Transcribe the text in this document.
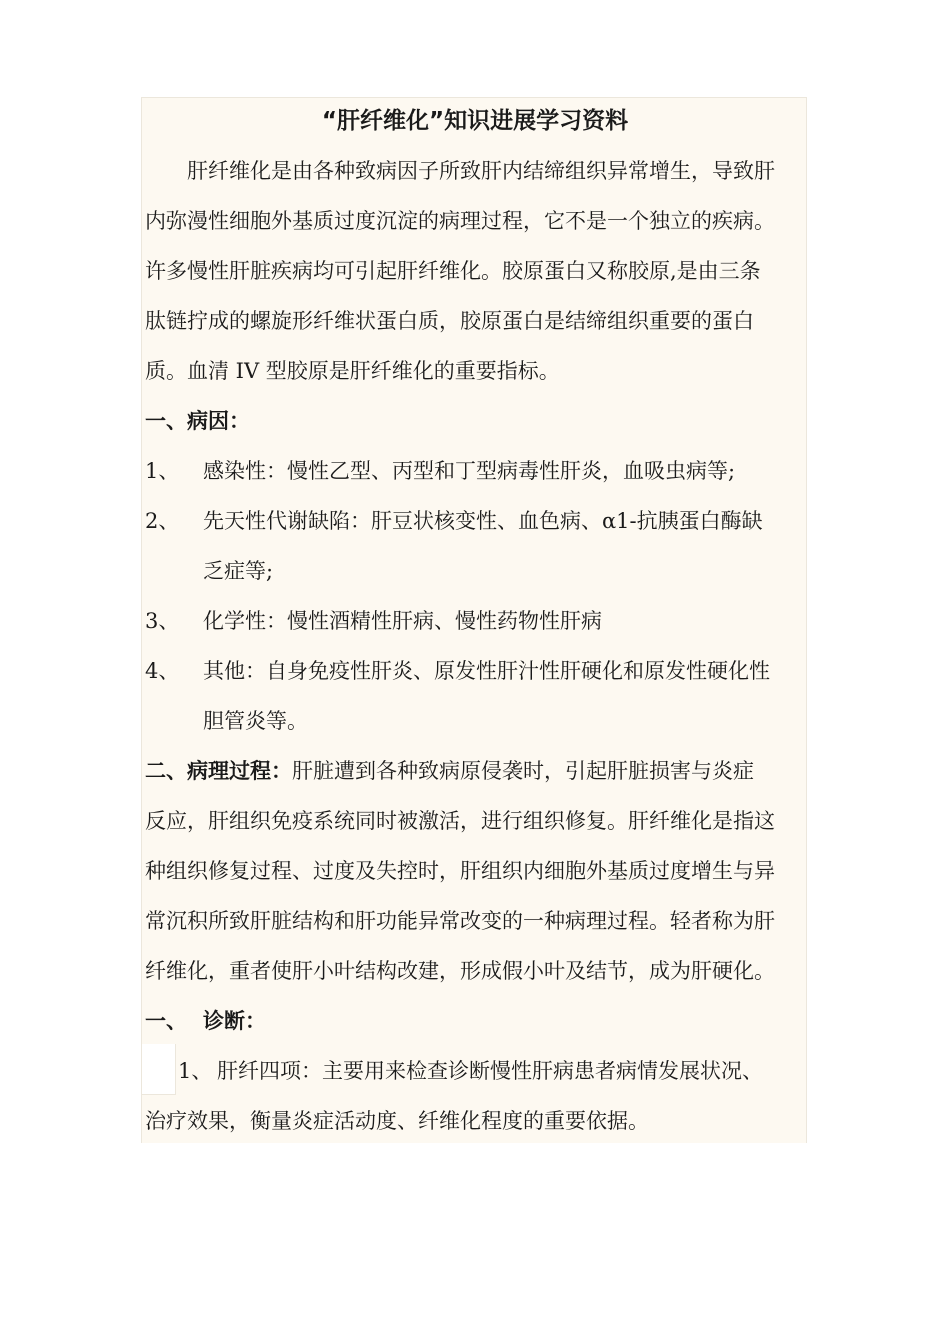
“肝纤维化”知识进展学习资料
　　肝纤维化是由各种致病因子所致肝内结缔组织异常增生，导致肝
内弥漫性细胞外基质过度沉淀的病理过程，它不是一个独立的疾病。
许多慢性肝脏疾病均可引起肝纤维化。胶原蛋白又称胶原,是由三条
肽链拧成的螺旋形纤维状蛋白质，胶原蛋白是结缔组织重要的蛋白
质。血清 IV 型胶原是肝纤维化的重要指标。
一、病因：
1、 感染性：慢性乙型、丙型和丁型病毒性肝炎，血吸虫病等;
2、 先天性代谢缺陷：肝豆状核变性、血色病、α1-抗胰蛋白酶缺
乏症等;
3、 化学性：慢性酒精性肝病、慢性药物性肝病
4、 其他：自身免疫性肝炎、原发性肝汁性肝硬化和原发性硬化性
胆管炎等。
二、病理过程：肝脏遭到各种致病原侵袭时，引起肝脏损害与炎症
反应，肝组织免疫系统同时被激活，进行组织修复。肝纤维化是指这
种组织修复过程、过度及失控时，肝组织内细胞外基质过度增生与异
常沉积所致肝脏结构和肝功能异常改变的一种病理过程。轻者称为肝
纤维化，重者使肝小叶结构改建，形成假小叶及结节，成为肝硬化。
一、 诊断：
1、 肝纤四项：主要用来检查诊断慢性肝病患者病情发展状况、
治疗效果，衡量炎症活动度、纤维化程度的重要依据。
